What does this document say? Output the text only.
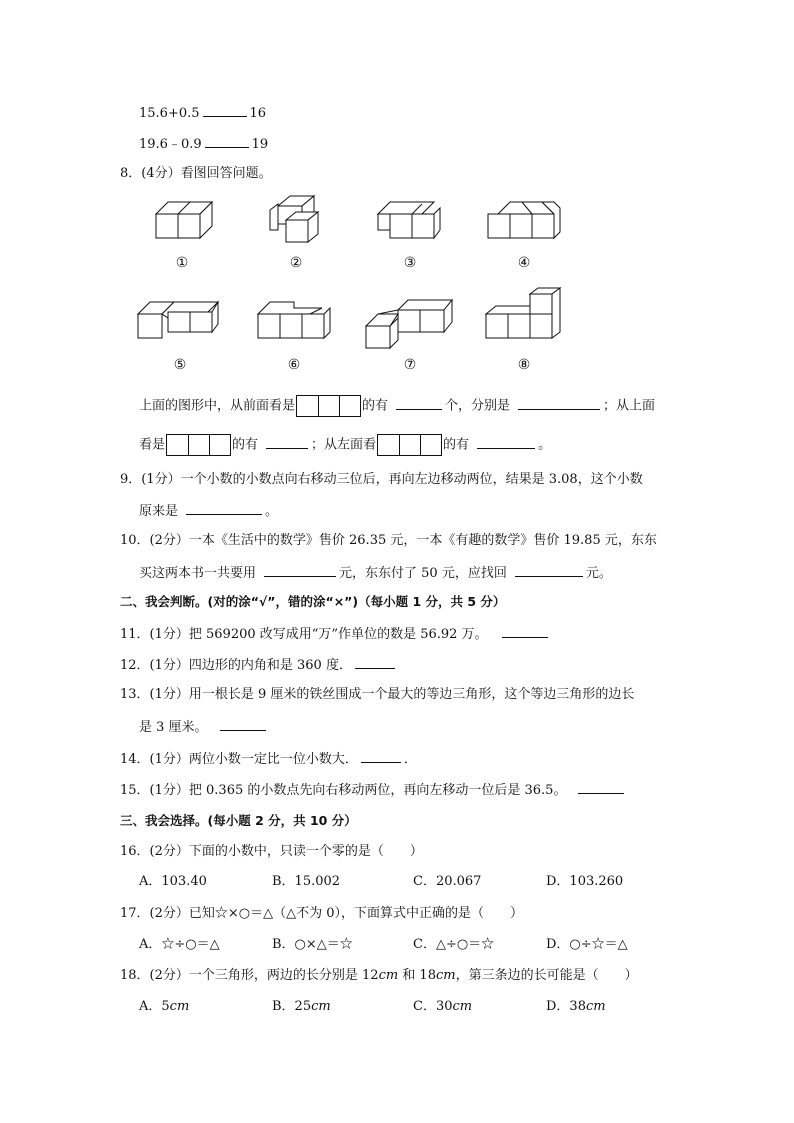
15.6+0.5	16
19.6﹣0.9	19
8．(4分）看图回答问题。
①	②	③	④
⑤	⑥	⑦	⑧
上面的图形中，从前面看是	的有	个，分别是	；从上面
看是	的有	；从左面看	的有	。
9．(1分）一个小数的小数点向右移动三位后，再向左边移动两位，结果是 3.08，这个小数
原来是	。
10．(2分）一本《生活中的数学》售价 26.35 元，一本《有趣的数学》售价 19.85 元，东东
买这两本书一共要用	元，东东付了 50 元，应找回	元。
二、我会判断。(对的涂“√”，错的涂“×”)（每小题 1 分，共 5 分）
11．(1分）把 569200 改写成用“万”作单位的数是 56.92 万。
12．(1分）四边形的内角和是 360 度．
13．(1分）用一根长是 9 厘米的铁丝围成一个最大的等边三角形，这个等边三角形的边长
是 3 厘米。
14．(1分）两位小数一定比一位小数大．	．
15．(1分）把 0.365 的小数点先向右移动两位，再向左移动一位后是 36.5。
三、我会选择。(每小题 2 分，共 10 分）
16．(2分）下面的小数中，只读一个零的是（　　）
A．103.40	B．15.002	C．20.067	D．103.260
17．(2分）已知☆×○＝△（△不为 0），下面算式中正确的是（　　）
A．☆÷○＝△	B．○×△＝☆	C．△÷○＝☆	D．○÷☆＝△
18．(2分）一个三角形，两边的长分别是 12cm 和 18cm，第三条边的长可能是（　　）
A．5cm	B．25cm	C．30cm	D．38cm
